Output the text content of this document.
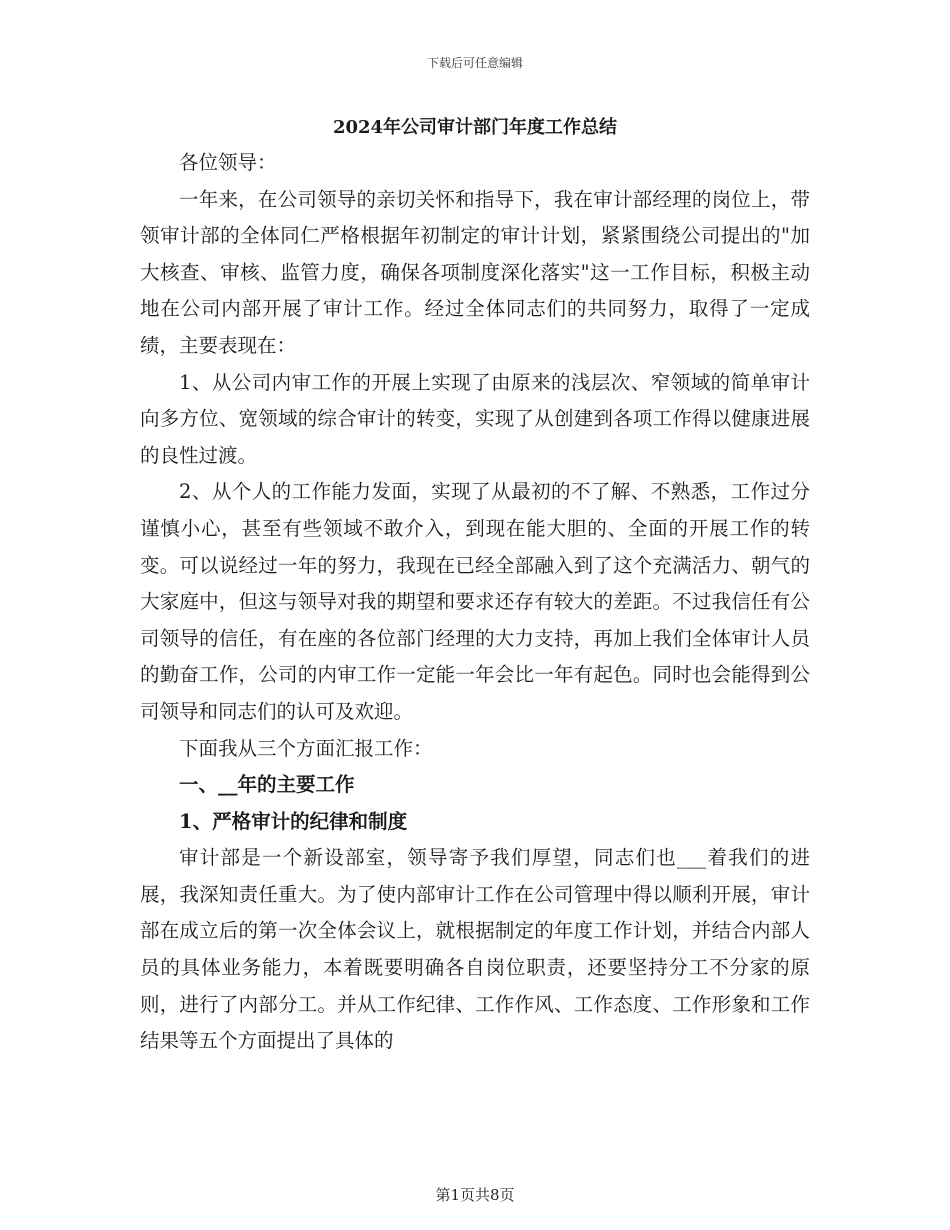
下载后可任意编辑
2024年公司审计部门年度工作总结

各位领导：

一年来，在公司领导的亲切关怀和指导下，我在审计部经理的岗位上，带领审计部的全体同仁严格根据年初制定的审计计划，紧紧围绕公司提出的"加大核查、审核、监管力度，确保各项制度深化落实"这一工作目标，积极主动地在公司内部开展了审计工作。经过全体同志们的共同努力，取得了一定成绩，主要表现在：

1、从公司内审工作的开展上实现了由原来的浅层次、窄领域的简单审计向多方位、宽领域的综合审计的转变，实现了从创建到各项工作得以健康进展的良性过渡。

2、从个人的工作能力发面，实现了从最初的不了解、不熟悉，工作过分谨慎小心，甚至有些领域不敢介入，到现在能大胆的、全面的开展工作的转变。可以说经过一年的努力，我现在已经全部融入到了这个充满活力、朝气的大家庭中，但这与领导对我的期望和要求还存有较大的差距。不过我信任有公司领导的信任，有在座的各位部门经理的大力支持，再加上我们全体审计人员的勤奋工作，公司的内审工作一定能一年会比一年有起色。同时也会能得到公司领导和同志们的认可及欢迎。

下面我从三个方面汇报工作：

一、__年的主要工作

1、严格审计的纪律和制度

审计部是一个新设部室，领导寄予我们厚望，同志们也___着我们的进展，我深知责任重大。为了使内部审计工作在公司管理中得以顺利开展，审计部在成立后的第一次全体会议上，就根据制定的年度工作计划，并结合内部人员的具体业务能力，本着既要明确各自岗位职责，还要坚持分工不分家的原则，进行了内部分工。并从工作纪律、工作作风、工作态度、工作形象和工作结果等五个方面提出了具体的

第1页共8页
